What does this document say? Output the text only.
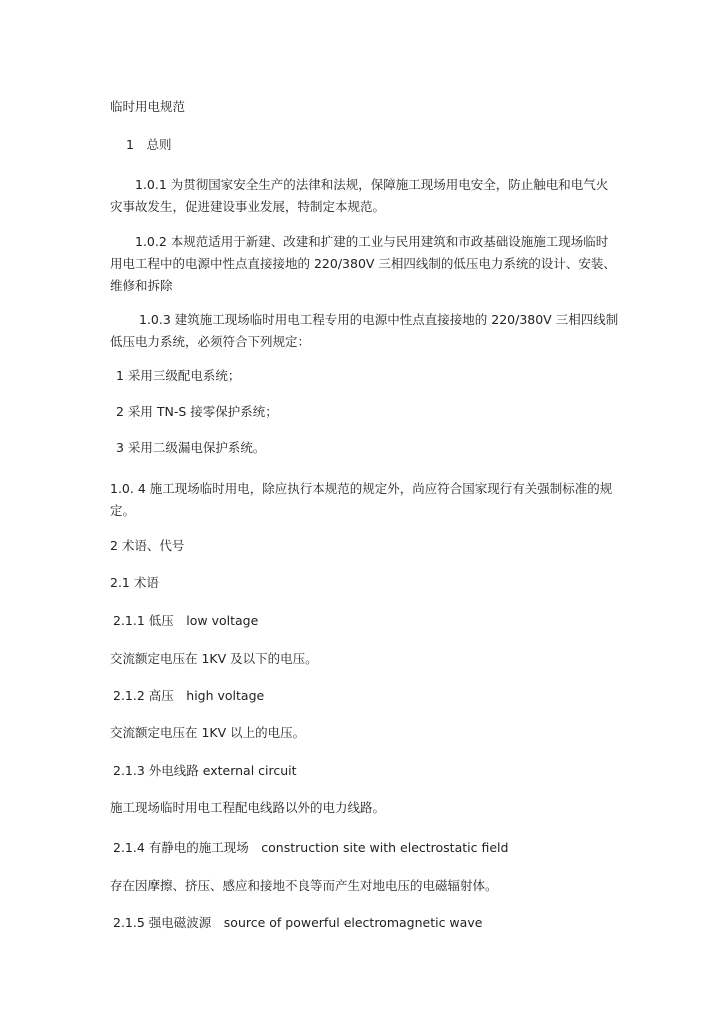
临时用电规范

1　总则

1.0.1 为贯彻国家安全生产的法律和法规，保障施工现场用电安全，防止触电和电气火

灾事故发生，促进建设事业发展，特制定本规范。

1.0.2 本规范适用于新建、改建和扩建的工业与民用建筑和市政基础设施施工现场临时

用电工程中的电源中性点直接接地的 220/380V 三相四线制的低压电力系统的设计、安装、

维修和拆除

1.0.3 建筑施工现场临时用电工程专用的电源中性点直接接地的 220/380V 三相四线制

低压电力系统，必须符合下列规定：

1 采用三级配电系统；

2 采用 TN-S 接零保护系统；

3 采用二级漏电保护系统。

1.0. 4 施工现场临时用电，除应执行本规范的规定外，尚应符合国家现行有关强制标准的规

定。

2 术语、代号

2.1 术语

2.1.1 低压　low voltage

交流额定电压在 1KV 及以下的电压。

2.1.2 高压　high voltage

交流额定电压在 1KV 以上的电压。

2.1.3 外电线路 external circuit

施工现场临时用电工程配电线路以外的电力线路。

2.1.4 有静电的施工现场　construction site with electrostatic field

存在因摩擦、挤压、感应和接地不良等而产生对地电压的电磁辐射体。

2.1.5 强电磁波源　source of powerful electromagnetic wave
